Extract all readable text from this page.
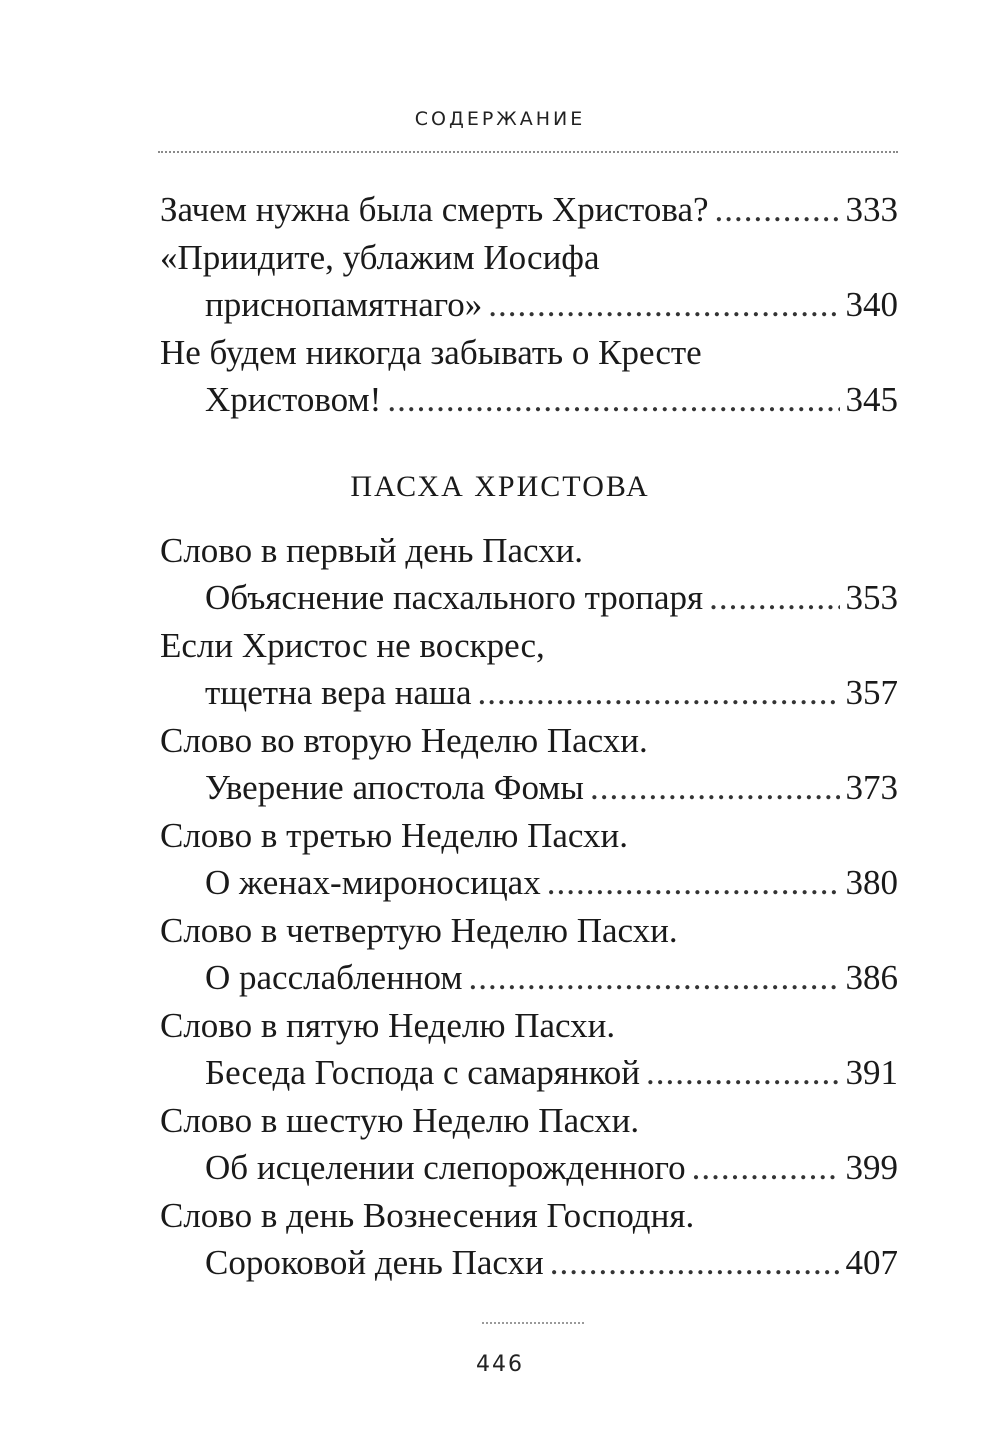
СОДЕРЖАНИЕ

Зачем нужна была смерть Христова? .....	333

«Приидите, ублажим Иосифа
приснопамятнаго» .....	340

Не будем никогда забывать о Кресте
Христовом! .....	345

ПАСХА ХРИСТОВА

Слово в первый день Пасхи.
Объяснение пасхального тропаря .....	353

Если Христос не воскрес,
тщетна вера наша .....	357

Слово во вторую Неделю Пасхи.
Уверение апостола Фомы .....	373

Слово в третью Неделю Пасхи.
О женах-мироносицах .....	380

Слово в четвертую Неделю Пасхи.
О расслабленном .....	386

Слово в пятую Неделю Пасхи.
Беседа Господа с самарянкой .....	391

Слово в шестую Неделю Пасхи.
Об исцелении слепорожденного .....	399

Слово в день Вознесения Господня.
Сороковой день Пасхи .....	407

446
